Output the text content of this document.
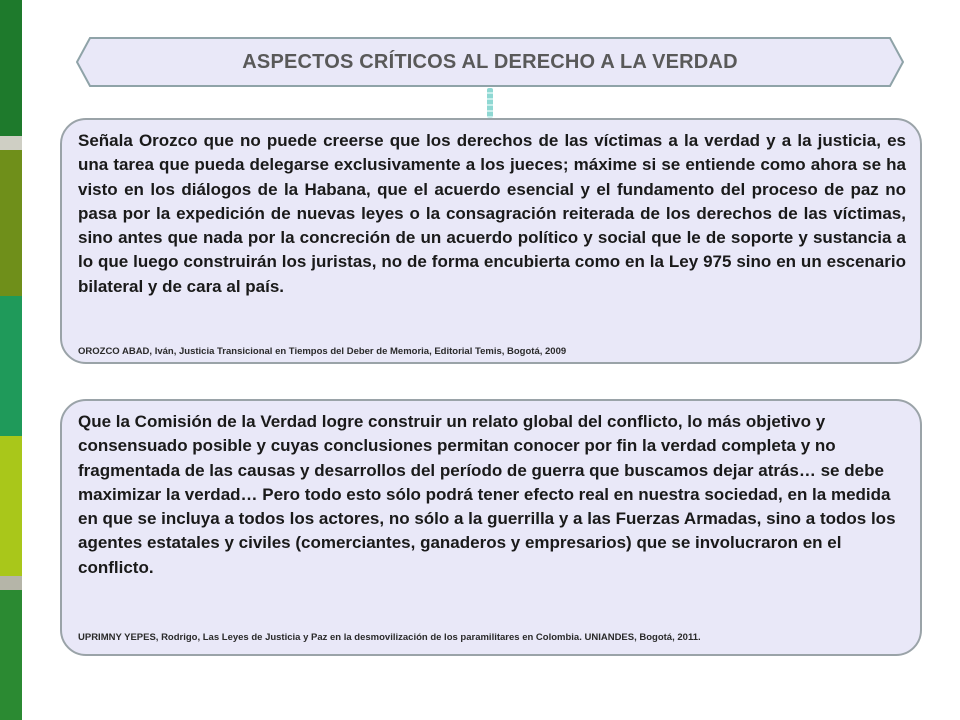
ASPECTOS CRÍTICOS AL DERECHO A LA VERDAD
Señala Orozco que no puede creerse que los derechos de las víctimas a la verdad y a la justicia, es una tarea que pueda delegarse exclusivamente a los jueces; máxime si se entiende como ahora se ha visto en los diálogos de la Habana, que el acuerdo esencial y el fundamento del proceso de paz no pasa por la expedición de nuevas leyes o la consagración reiterada de los derechos de las víctimas, sino antes que nada por la concreción de un acuerdo político y social que le de soporte y sustancia a lo que luego construirán los juristas, no de forma encubierta como en la Ley 975 sino en un escenario bilateral y de cara al país.
OROZCO ABAD, Iván, Justicia Transicional en Tiempos del Deber de Memoria, Editorial Temis, Bogotá, 2009
Que la Comisión de la Verdad logre construir un relato global del conflicto, lo más objetivo y consensuado posible y cuyas conclusiones permitan conocer por fin la verdad completa y no fragmentada de las causas y desarrollos del período de guerra que buscamos dejar atrás… se debe maximizar la verdad… Pero todo esto sólo podrá tener efecto real en nuestra sociedad, en la medida en que se incluya a todos los actores, no sólo a la guerrilla y a las Fuerzas Armadas, sino a todos los agentes estatales y civiles (comerciantes, ganaderos y empresarios) que se involucraron en el conflicto.
UPRIMNY YEPES, Rodrigo, Las Leyes de Justicia y Paz en la desmovilización de los paramilitares en Colombia. UNIANDES, Bogotá, 2011.
